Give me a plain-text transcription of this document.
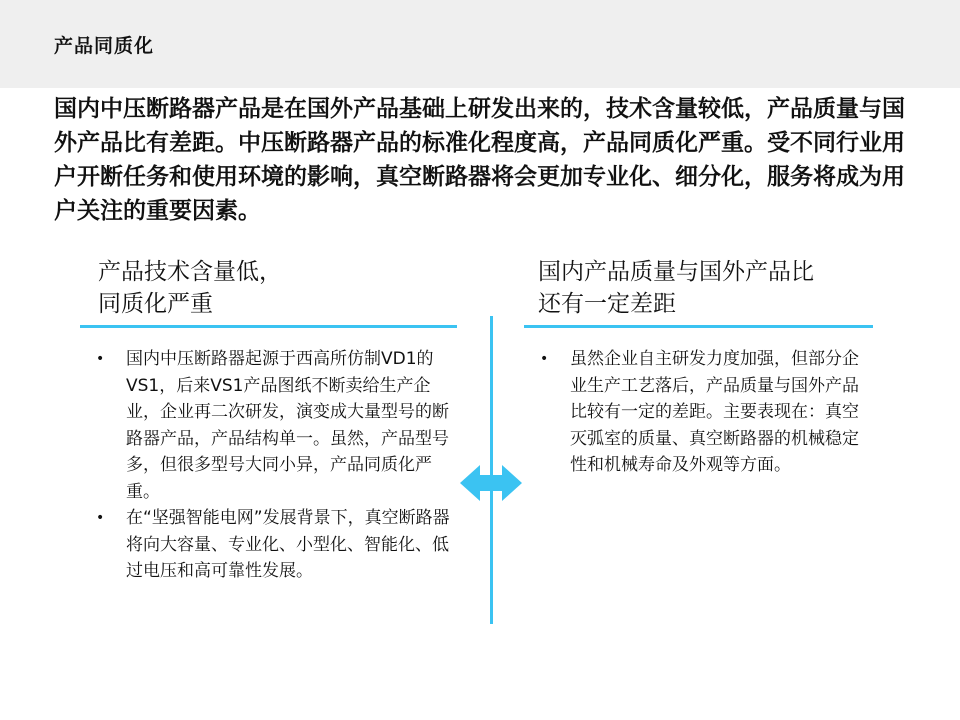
产品同质化

国内中压断路器产品是在国外产品基础上研发出来的，技术含量较低，产品质量与国外产品比有差距。中压断路器产品的标准化程度高，产品同质化严重。受不同行业用户开断任务和使用环境的影响，真空断路器将会更加专业化、细分化，服务将成为用户关注的重要因素。

产品技术含量低，
同质化严重
国内产品质量与国外产品比
还有一定差距
• 国内中压断路器起源于西高所仿制VD1的VS1，后来VS1产品图纸不断卖给生产企业，企业再二次研发，演变成大量型号的断路器产品，产品结构单一。虽然，产品型号多，但很多型号大同小异，产品同质化严重。
• 在“坚强智能电网”发展背景下，真空断路器将向大容量、专业化、小型化、智能化、低过电压和高可靠性发展。
• 虽然企业自主研发力度加强，但部分企业生产工艺落后，产品质量与国外产品比较有一定的差距。主要表现在：真空灭弧室的质量、真空断路器的机械稳定性和机械寿命及外观等方面。
